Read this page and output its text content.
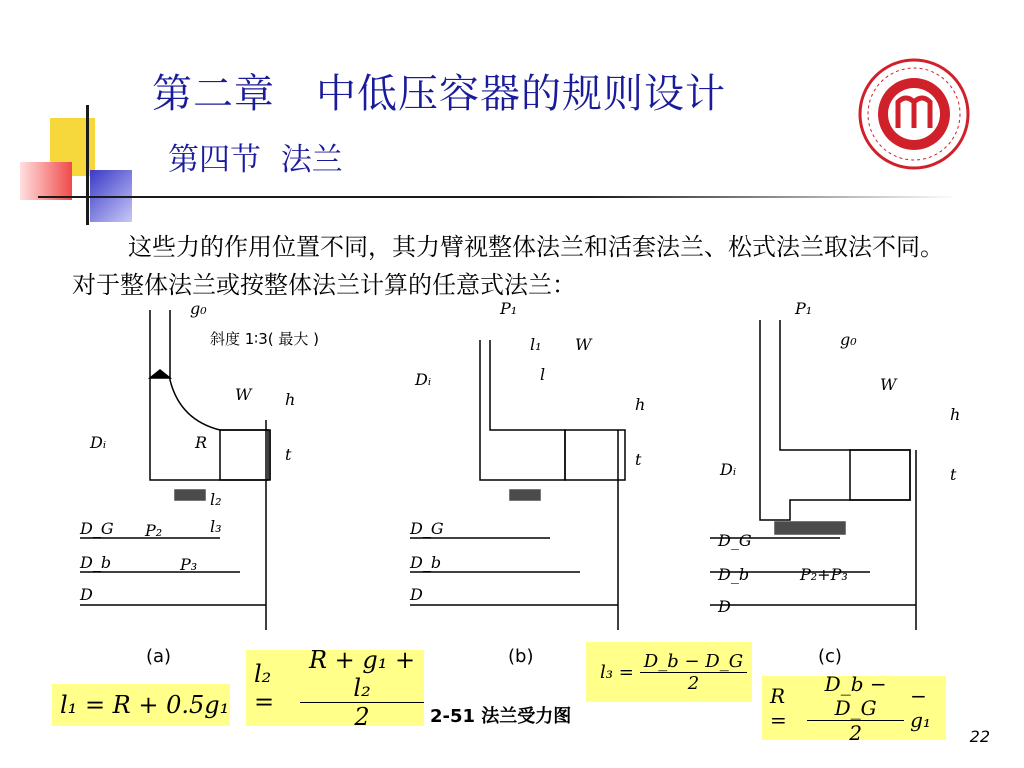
第二章　中低压容器的规则设计
第四节  法兰
这些力的作用位置不同，其力臂视整体法兰和活套法兰、松式法兰取法不同。对于整体法兰或按整体法兰计算的任意式法兰：
g₀
斜度 1∶3( 最大 )
W h
t
R
Dᵢ
D_G
D_b
D
P₂
P₃
l₂
l₃
P₁
l₁ W
l
Dᵢ
h
t
D_G
D_b
D
P₁
g₀
W
h
t
Dᵢ
D_G
D_b
D
P₂+P₃
(a)	(b)	(c)
2-51 法兰受力图
l₁ = R + 0.5g₁
l₂ =	$\frac{\text{R + g₁ + l₂}}{2}$	$l_3 = \frac{D\_b - D\_G}{2}$
R =	$\frac{D\_b - D\_G}{2} - g_1$
22
